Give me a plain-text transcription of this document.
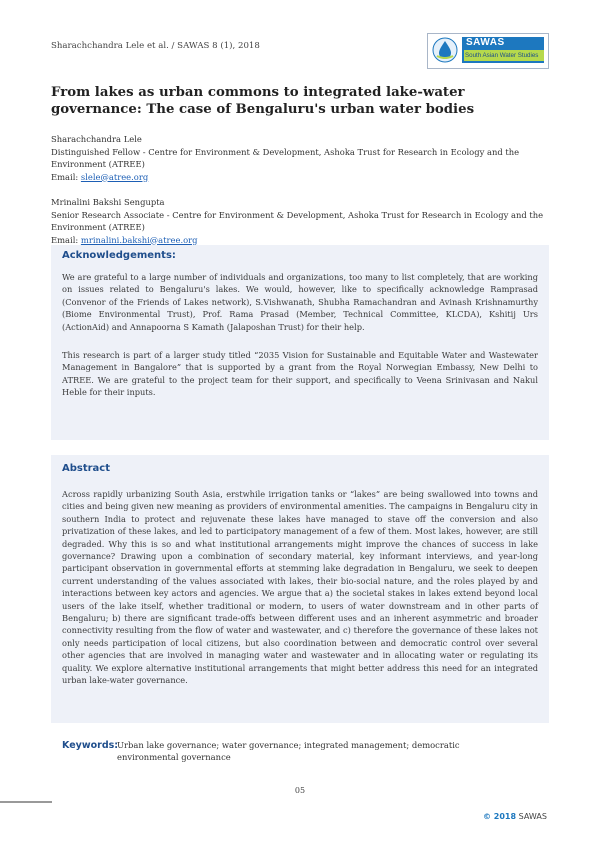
Sharachchandra Lele et al. / SAWAS 8 (1), 2018	SAWAS
South Asian Water Studies
From lakes as urban commons to integrated lake-water governance: The case of Bengaluru's urban water bodies
Sharachchandra Lele
Distinguished Fellow - Centre for Environment & Development, Ashoka Trust for Research in Ecology and the Environment (ATREE)
Email: slele@atree.org
Mrinalini Bakshi Sengupta
Senior Research Associate - Centre for Environment & Development, Ashoka Trust for Research in Ecology and the Environment (ATREE)
Email: mrinalini.bakshi@atree.org
Acknowledgements:

We are grateful to a large number of individuals and organizations, too many to list completely, that are working on issues related to Bengaluru's lakes. We would, however, like to specifically acknowledge Ramprasad (Convenor of the Friends of Lakes network), S.Vishwanath, Shubha Ramachandran and Avinash Krishnamurthy (Biome Environmental Trust), Prof. Rama Prasad (Member, Technical Committee, KLCDA), Kshitij Urs (ActionAid) and Annapoorna S Kamath (Jalaposhan Trust) for their help.

This research is part of a larger study titled “2035 Vision for Sustainable and Equitable Water and Wastewater Management in Bangalore” that is supported by a grant from the Royal Norwegian Embassy, New Delhi to ATREE. We are grateful to the project team for their support, and specifically to Veena Srinivasan and Nakul Heble for their inputs.

Abstract

Across rapidly urbanizing South Asia, erstwhile irrigation tanks or “lakes” are being swallowed into towns and cities and being given new meaning as providers of environmental amenities. The campaigns in Bengaluru city in southern India to protect and rejuvenate these lakes have managed to stave off the conversion and also privatization of these lakes, and led to participatory management of a few of them. Most lakes, however, are still degraded. Why this is so and what institutional arrangements might improve the chances of success in lake governance? Drawing upon a combination of secondary material, key informant interviews, and year-long participant observation in governmental efforts at stemming lake degradation in Bengaluru, we seek to deepen current understanding of the values associated with lakes, their bio-social nature, and the roles played by and interactions between key actors and agencies. We argue that a) the societal stakes in lakes extend beyond local users of the lake itself, whether traditional or modern, to users of water downstream and in other parts of Bengaluru; b) there are significant trade-offs between different uses and an inherent asymmetric and broader connectivity resulting from the flow of water and wastewater, and c) therefore the governance of these lakes not only needs participation of local citizens, but also coordination between and democratic control over several other agencies that are involved in managing water and wastewater and in allocating water or regulating its quality. We explore alternative institutional arrangements that might better address this need for an integrated urban lake-water governance.

Keywords:
Urban lake governance; water governance; integrated management; democratic environmental governance
05
© 2018 SAWAS
